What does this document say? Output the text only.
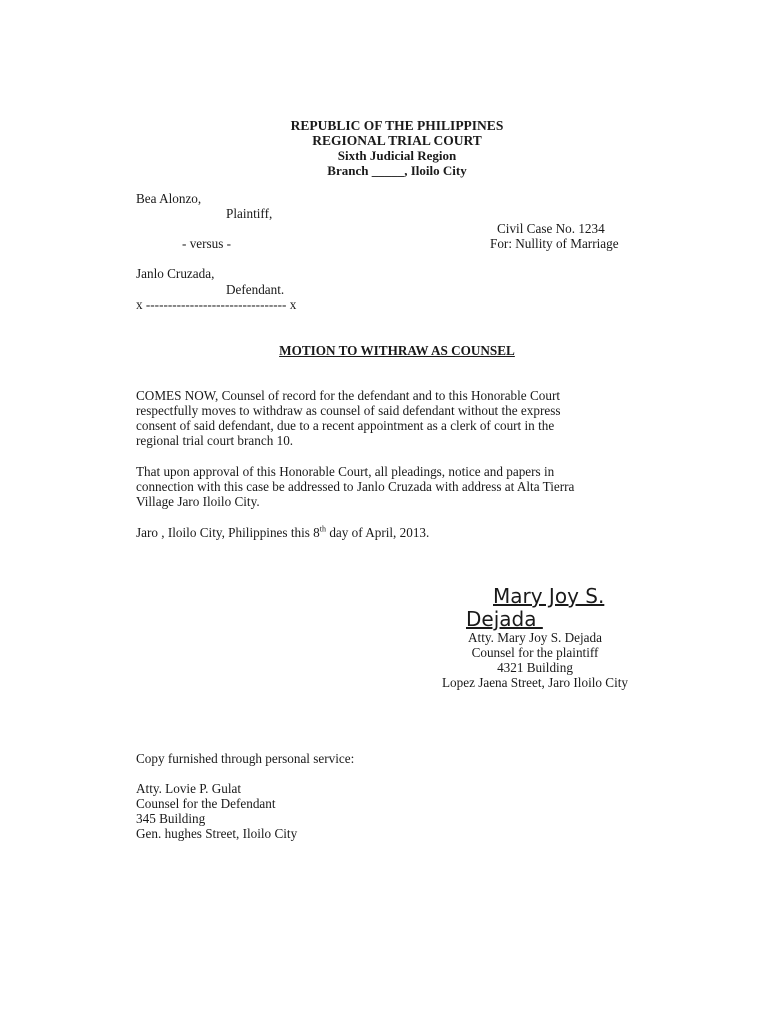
REPUBLIC OF THE PHILIPPINES
REGIONAL TRIAL COURT
Sixth Judicial Region
Branch _____, Iloilo City
Bea Alonzo,
Plaintiff,
Civil Case No. 1234
- versus -	For: Nullity of Marriage
Janlo Cruzada,
Defendant.
x -------------------------------- x
MOTION TO WITHRAW AS COUNSEL
COMES NOW, Counsel of record for the defendant and to this Honorable Court
respectfully moves to withdraw as counsel of said defendant without the express
consent of said defendant, due to a recent appointment as a clerk of court in the
regional trial court branch 10.
That upon approval of this Honorable Court, all pleadings, notice and papers in
connection with this case be addressed to Janlo Cruzada with address at Alta Tierra
Village Jaro Iloilo City.
Jaro , Iloilo City, Philippines this 8th day of April, 2013.
Mary Joy S.
Dejada
Atty. Mary Joy S. Dejada
Counsel for the plaintiff
4321 Building
Lopez Jaena Street, Jaro Iloilo City
Copy furnished through personal service:
Atty. Lovie P. Gulat
Counsel for the Defendant
345 Building
Gen. hughes Street, Iloilo City
